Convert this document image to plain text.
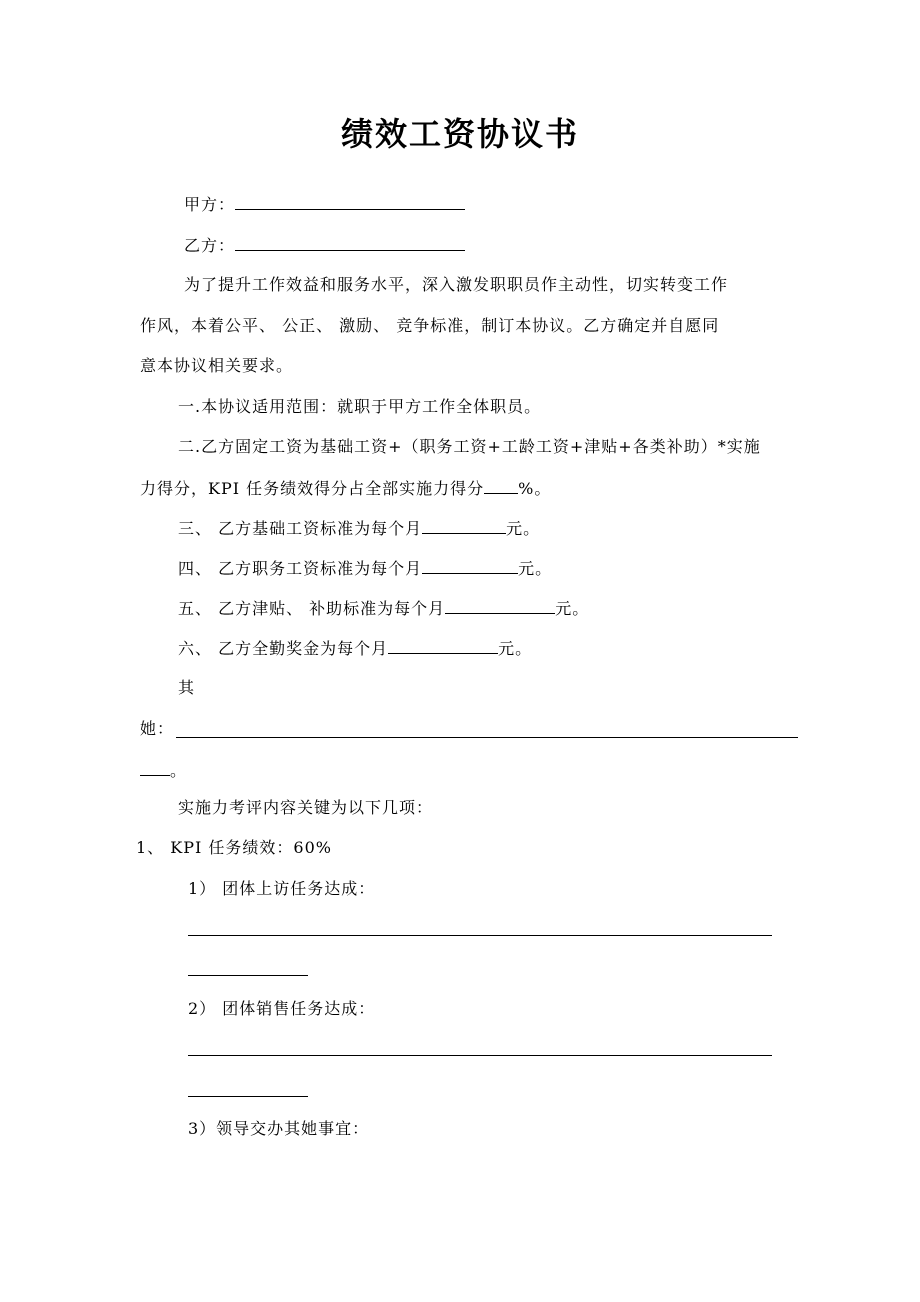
绩效工资协议书
甲方：
乙方：
为了提升工作效益和服务水平，深入激发职职员作主动性，切实转变工作
作风，本着公平、 公正、 激励、 竞争标准，制订本协议。乙方确定并自愿同
意本协议相关要求。
一.本协议适用范围：就职于甲方工作全体职员。
二.乙方固定工资为基础工资+（职务工资+工龄工资+津贴+各类补助）*实施
力得分，KPI 任务绩效得分占全部实施力得分 %。
三、 乙方基础工资标准为每个月	元。
四、 乙方职务工资标准为每个月	元。
五、 乙方津贴、 补助标准为每个月	元。
六、 乙方全勤奖金为每个月	元。
其
她：
。
实施力考评内容关键为以下几项：
1、 KPI 任务绩效：60%
1） 团体上访任务达成：
2） 团体销售任务达成：
3）领导交办其她事宜：
